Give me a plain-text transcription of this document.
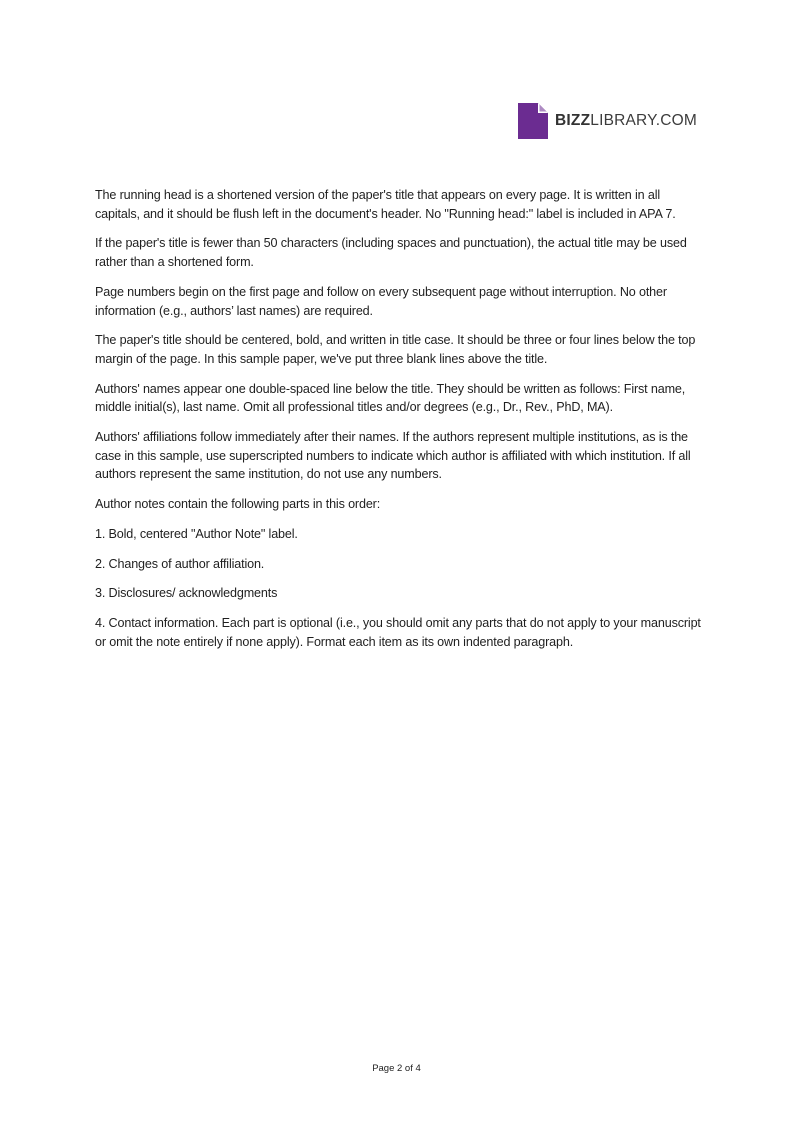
BIZZLIBRARY.COM

The running head is a shortened version of the paper's title that appears on every page. It is written in all capitals, and it should be flush left in the document's header. No "Running head:" label is included in APA 7.

If the paper's title is fewer than 50 characters (including spaces and punctuation), the actual title may be used rather than a shortened form.

Page numbers begin on the first page and follow on every subsequent page without interruption. No other information (e.g., authors’ last names) are required.

The paper's title should be centered, bold, and written in title case. It should be three or four lines below the top margin of the page. In this sample paper, we've put three blank lines above the title.

Authors' names appear one double-spaced line below the title. They should be written as follows: First name, middle initial(s), last name. Omit all professional titles and/or degrees (e.g., Dr., Rev., PhD, MA).

Authors' affiliations follow immediately after their names. If the authors represent multiple institutions, as is the case in this sample, use superscripted numbers to indicate which author is affiliated with which institution. If all authors represent the same institution, do not use any numbers.

Author notes contain the following parts in this order:

1. Bold, centered "Author Note" label.

2. Changes of author affiliation.

3. Disclosures/ acknowledgments

4. Contact information. Each part is optional (i.e., you should omit any parts that do not apply to your manuscript or omit the note entirely if none apply). Format each item as its own indented paragraph.

Page 2 of 4
